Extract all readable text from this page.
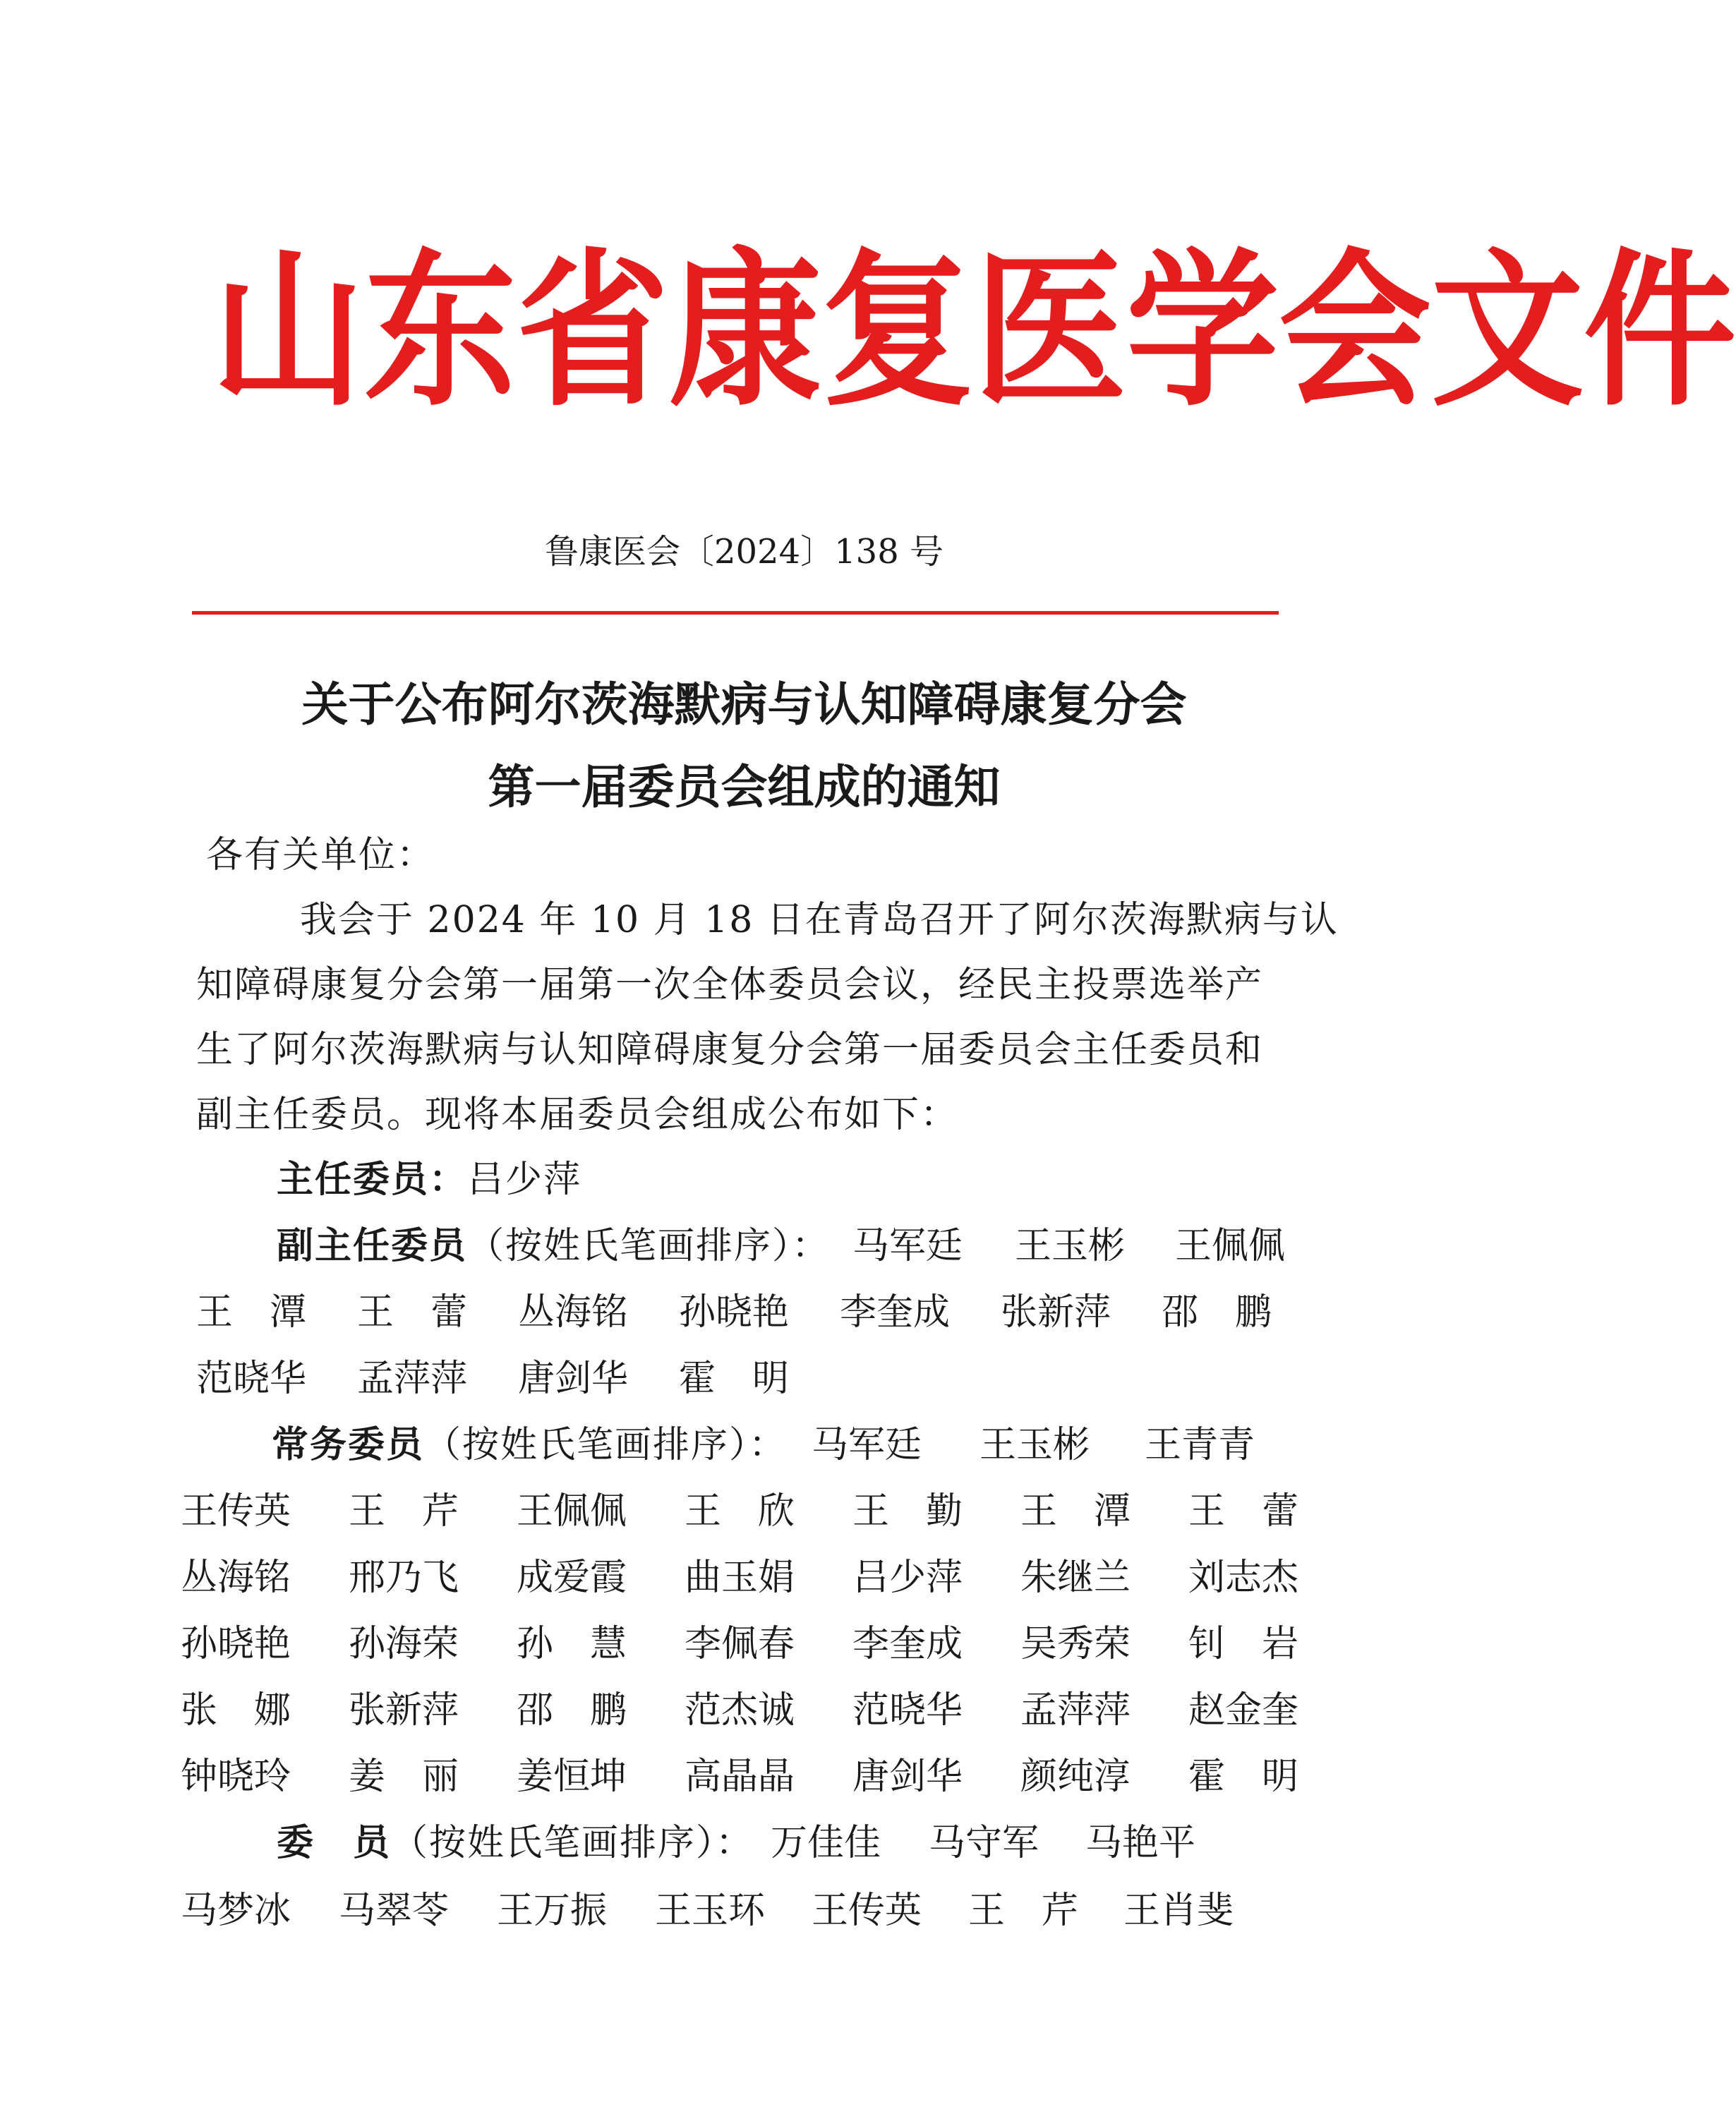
山东省康复医学会文件
鲁康医会〔2024〕138 号
关于公布阿尔茨海默病与认知障碍康复分会
第一届委员会组成的通知
各有关单位：
我会于 2024 年 10 月 18 日在青岛召开了阿尔茨海默病与认
知障碍康复分会第一届第一次全体委员会议，经民主投票选举产
生了阿尔茨海默病与认知障碍康复分会第一届委员会主任委员和
副主任委员。现将本届委员会组成公布如下：
主任委员：吕少萍
副主任委员（按姓氏笔画排序）： 马军廷 王玉彬 王佩佩
王　潭 王　蕾 丛海铭 孙晓艳 李奎成 张新萍 邵　鹏
范晓华 孟萍萍 唐剑华 霍　明
常务委员（按姓氏笔画排序）： 马军廷 王玉彬 王青青
王传英 王　芹 王佩佩 王　欣 王　勤 王　潭 王　蕾
丛海铭 邢乃飞 成爱霞 曲玉娟 吕少萍 朱继兰 刘志杰
孙晓艳 孙海荣 孙　慧 李佩春 李奎成 吴秀荣 钊　岩
张　娜 张新萍 邵　鹏 范杰诚 范晓华 孟萍萍 赵金奎
钟晓玲 姜　丽 姜恒坤 高晶晶 唐剑华 颜纯淳 霍　明
委　员（按姓氏笔画排序）： 万佳佳 马守军 马艳平
马梦冰 马翠苓 王万振 王玉环 王传英 王　芹 王肖斐
